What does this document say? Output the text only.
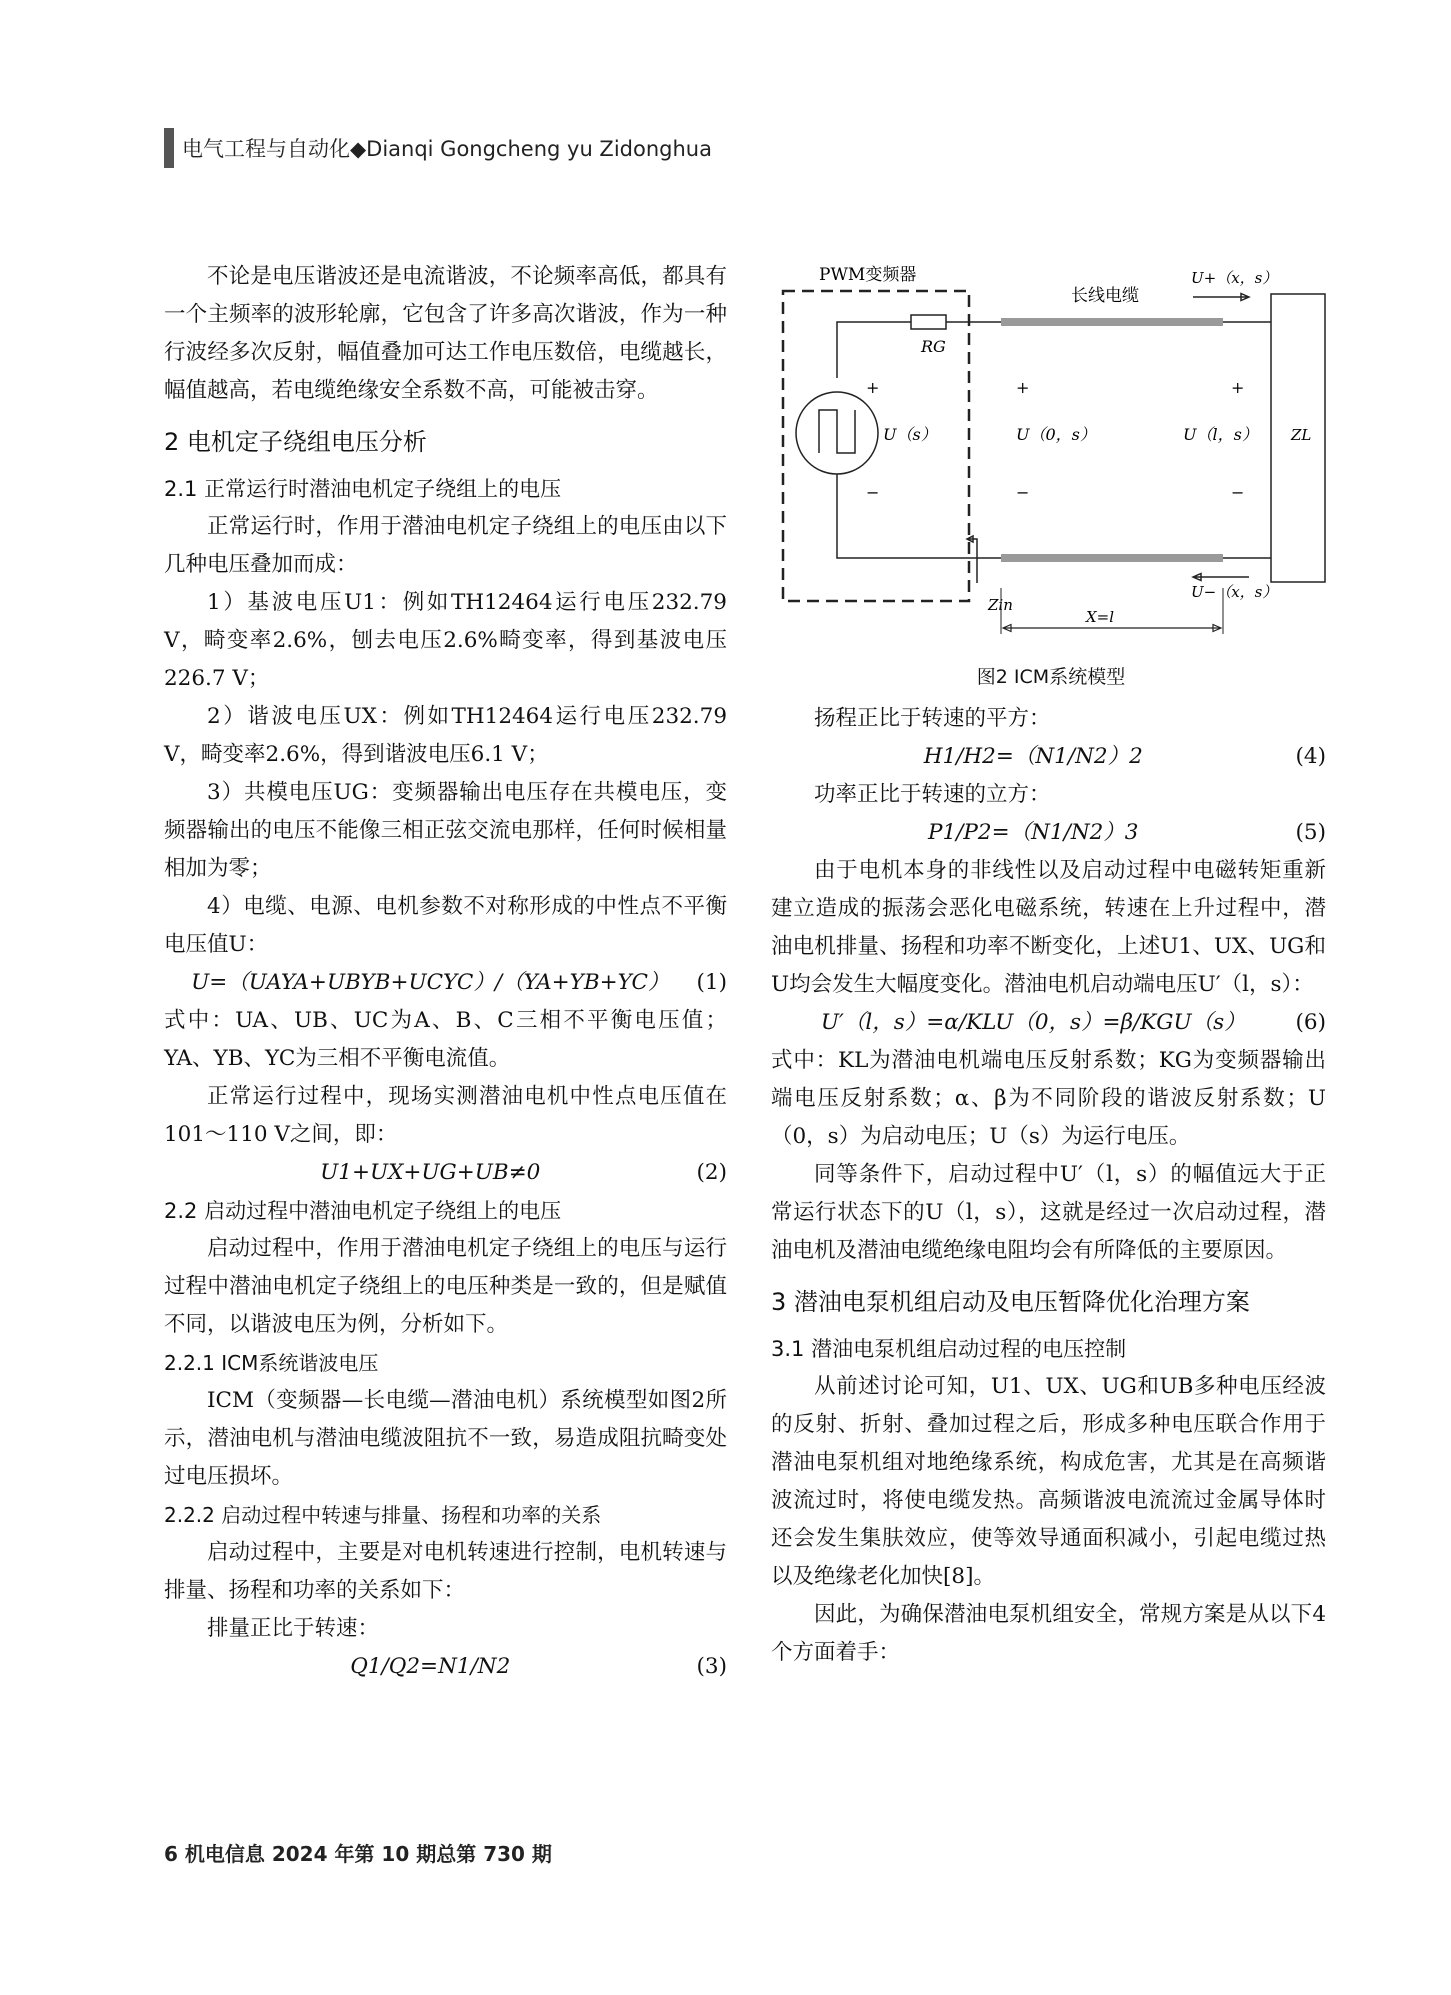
电气工程与自动化◆Dianqi Gongcheng yu Zidonghua

不论是电压谐波还是电流谐波，不论频率高低，都具有一个主频率的波形轮廓，它包含了许多高次谐波，作为一种行波经多次反射，幅值叠加可达工作电压数倍，电缆越长，幅值越高，若电缆绝缘安全系数不高，可能被击穿。

2 电机定子绕组电压分析
2.1 正常运行时潜油电机定子绕组上的电压

正常运行时，作用于潜油电机定子绕组上的电压由以下几种电压叠加而成：

1）基波电压U1：例如TH12464运行电压232.79 V，畸变率2.6%，刨去电压2.6%畸变率，得到基波电压226.7 V；

2）谐波电压UX：例如TH12464运行电压232.79 V，畸变率2.6%，得到谐波电压6.1 V；

3）共模电压UG：变频器输出电压存在共模电压，变频器输出的电压不能像三相正弦交流电那样，任何时候相量相加为零；

4）电缆、电源、电机参数不对称形成的中性点不平衡电压值U：

U=（UAYA+UBYB+UCYC）/（YA+YB+YC）	(1)

式中：UA、UB、UC为A、B、C三相不平衡电压值；YA、YB、YC为三相不平衡电流值。

正常运行过程中，现场实测潜油电机中性点电压值在101～110 V之间，即：

U1+UX+UG+UB≠0	(2)
2.2 启动过程中潜油电机定子绕组上的电压

启动过程中，作用于潜油电机定子绕组上的电压与运行过程中潜油电机定子绕组上的电压种类是一致的，但是赋值不同，以谐波电压为例，分析如下。

2.2.1 ICM系统谐波电压

ICM（变频器—长电缆—潜油电机）系统模型如图2所示，潜油电机与潜油电缆波阻抗不一致，易造成阻抗畸变处过电压损坏。

2.2.2 启动过程中转速与排量、扬程和功率的关系

启动过程中，主要是对电机转速进行控制，电机转速与排量、扬程和功率的关系如下：

排量正比于转速：

Q1/Q2=N1/N2	(3)
PWM变频器
RG
+
U（s）
−
Zin
长线电缆
U+（x，s）
U−（x，s）
ZL
+
U（0，s）
−
+
U（l，s）
−
X=l
图2 ICM系统模型

扬程正比于转速的平方：

H1/H2=（N1/N2）2	(4)

功率正比于转速的立方：

P1/P2=（N1/N2）3	(5)

由于电机本身的非线性以及启动过程中电磁转矩重新建立造成的振荡会恶化电磁系统，转速在上升过程中，潜油电机排量、扬程和功率不断变化，上述U1、UX、UG和U均会发生大幅度变化。潜油电机启动端电压U′（l，s）：

U′（l，s）=α/KLU（0，s）=β/KGU（s）	(6)

式中：KL为潜油电机端电压反射系数；KG为变频器输出端电压反射系数；α、β为不同阶段的谐波反射系数；U（0，s）为启动电压；U（s）为运行电压。

同等条件下，启动过程中U′（l，s）的幅值远大于正常运行状态下的U（l，s），这就是经过一次启动过程，潜油电机及潜油电缆绝缘电阻均会有所降低的主要原因。

3 潜油电泵机组启动及电压暂降优化治理方案
3.1 潜油电泵机组启动过程的电压控制

从前述讨论可知，U1、UX、UG和UB多种电压经波的反射、折射、叠加过程之后，形成多种电压联合作用于潜油电泵机组对地绝缘系统，构成危害，尤其是在高频谐波流过时，将使电缆发热。高频谐波电流流过金属导体时还会发生集肤效应，使等效导通面积减小，引起电缆过热以及绝缘老化加快[8]。

因此，为确保潜油电泵机组安全，常规方案是从以下4个方面着手：

6 机电信息 2024 年第 10 期总第 730 期
